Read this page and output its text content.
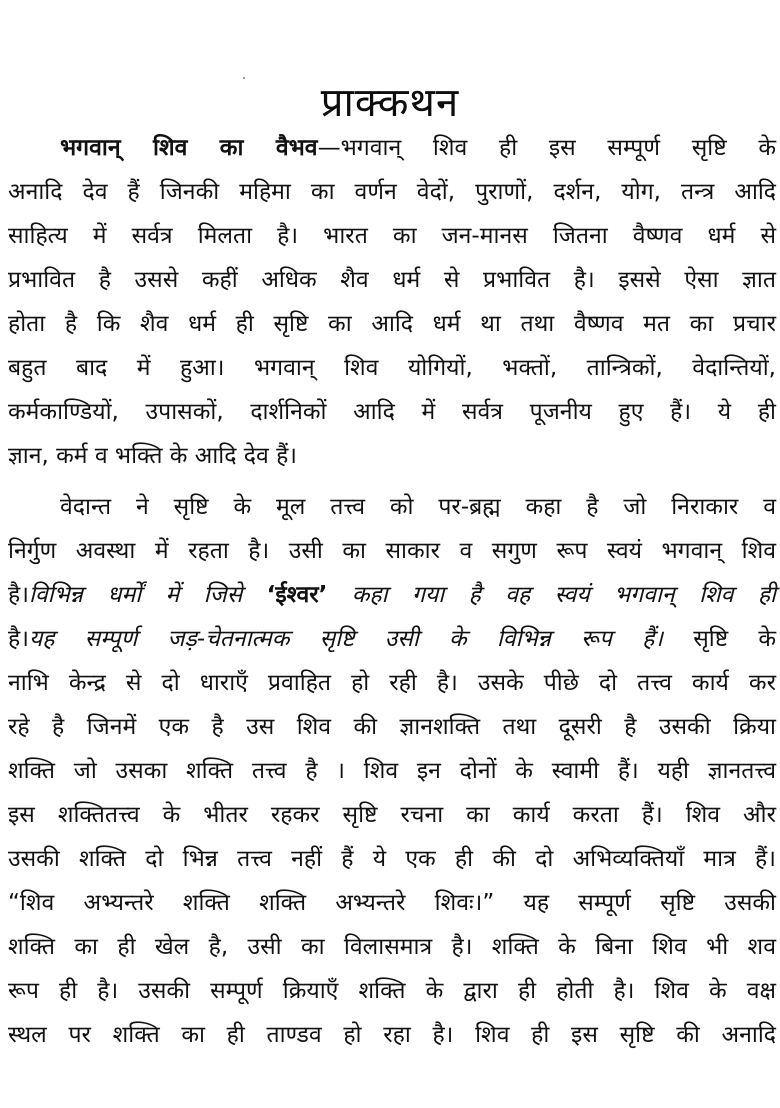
प्राक्कथन
भगवान् शिव का वैभव—भगवान् शिव ही इस सम्पूर्ण सृष्टि के
अनादि देव हैं जिनकी महिमा का वर्णन वेदों, पुराणों, दर्शन, योग, तन्त्र आदि
साहित्य में सर्वत्र मिलता है। भारत का जन-मानस जितना वैष्णव धर्म से
प्रभावित है उससे कहीं अधिक शैव धर्म से प्रभावित है। इससे ऐसा ज्ञात
होता है कि शैव धर्म ही सृष्टि का आदि धर्म था तथा वैष्णव मत का प्रचार
बहुत बाद में हुआ। भगवान् शिव योगियों, भक्तों, तान्त्रिकों, वेदान्तियों,
कर्मकाण्डियों, उपासकों, दार्शनिकों आदि में सर्वत्र पूजनीय हुए हैं। ये ही
ज्ञान, कर्म व भक्ति के आदि देव हैं।
वेदान्त ने सृष्टि के मूल तत्त्व को पर-ब्रह्म कहा है जो निराकार व
निर्गुण अवस्था में रहता है। उसी का साकार व सगुण रूप स्वयं भगवान् शिव
है।विभिन्न धर्मों में जिसे ‘ईश्वर’ कहा गया है वह स्वयं भगवान् शिव ही
है।यह सम्पूर्ण जड़-चेतनात्मक सृष्टि उसी के विभिन्न रूप हैं। सृष्टि के
नाभि केन्द्र से दो धाराएँ प्रवाहित हो रही है। उसके पीछे दो तत्त्व कार्य कर
रहे है जिनमें एक है उस शिव की ज्ञानशक्ति तथा दूसरी है उसकी क्रिया
शक्ति जो उसका शक्ति तत्त्व है । शिव इन दोनों के स्वामी हैं। यही ज्ञानतत्त्व
इस शक्तितत्त्व के भीतर रहकर सृष्टि रचना का कार्य करता हैं। शिव और
उसकी शक्ति दो भिन्न तत्त्व नहीं हैं ये एक ही की दो अभिव्यक्तियाँ मात्र हैं।
“शिव अभ्यन्तरे शक्ति शक्ति अभ्यन्तरे शिवः।” यह सम्पूर्ण सृष्टि उसकी
शक्ति का ही खेल है, उसी का विलासमात्र है। शक्ति के बिना शिव भी शव
रूप ही है। उसकी सम्पूर्ण क्रियाएँ शक्ति के द्वारा ही होती है। शिव के वक्ष
स्थल पर शक्ति का ही ताण्डव हो रहा है। शिव ही इस सृष्टि की अनादि
